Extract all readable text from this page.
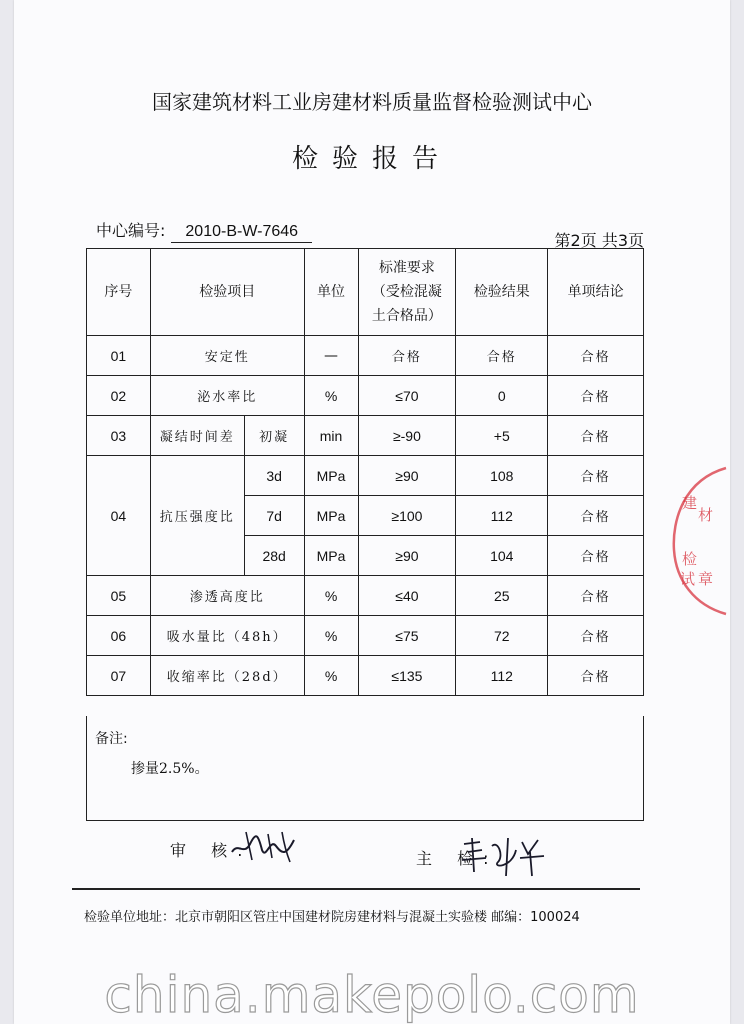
国家建筑材料工业房建材料质量监督检验测试中心
检验报告
中心编号: 2010-B-W-7646	第2页 共3页
序号	检验项目		单位	标准要求（受检混凝土合格品）	检验结果	单项结论
01	安定性		—	合格	合格	合格
02	泌水率比		%	≤70	0	合格
03	凝结时间差	初凝	min	≥-90	+5	合格
04	抗压强度比	3d	MPa	≥90	108	合格
		7d	MPa	≥100	112	合格
		28d	MPa	≥90	104	合格
05	渗透高度比		%	≤40	25	合格
06	吸水量比（48h）		%	≤75	72	合格
07	收缩率比（28d）		%	≤135	112	合格
备注:
掺量2.5%。
审 核:	主 检:
检验单位地址：北京市朝阳区管庄中国建材院房建材料与混凝土实验楼 邮编：100024
建
材
检
试 章
china.makepolo.com
